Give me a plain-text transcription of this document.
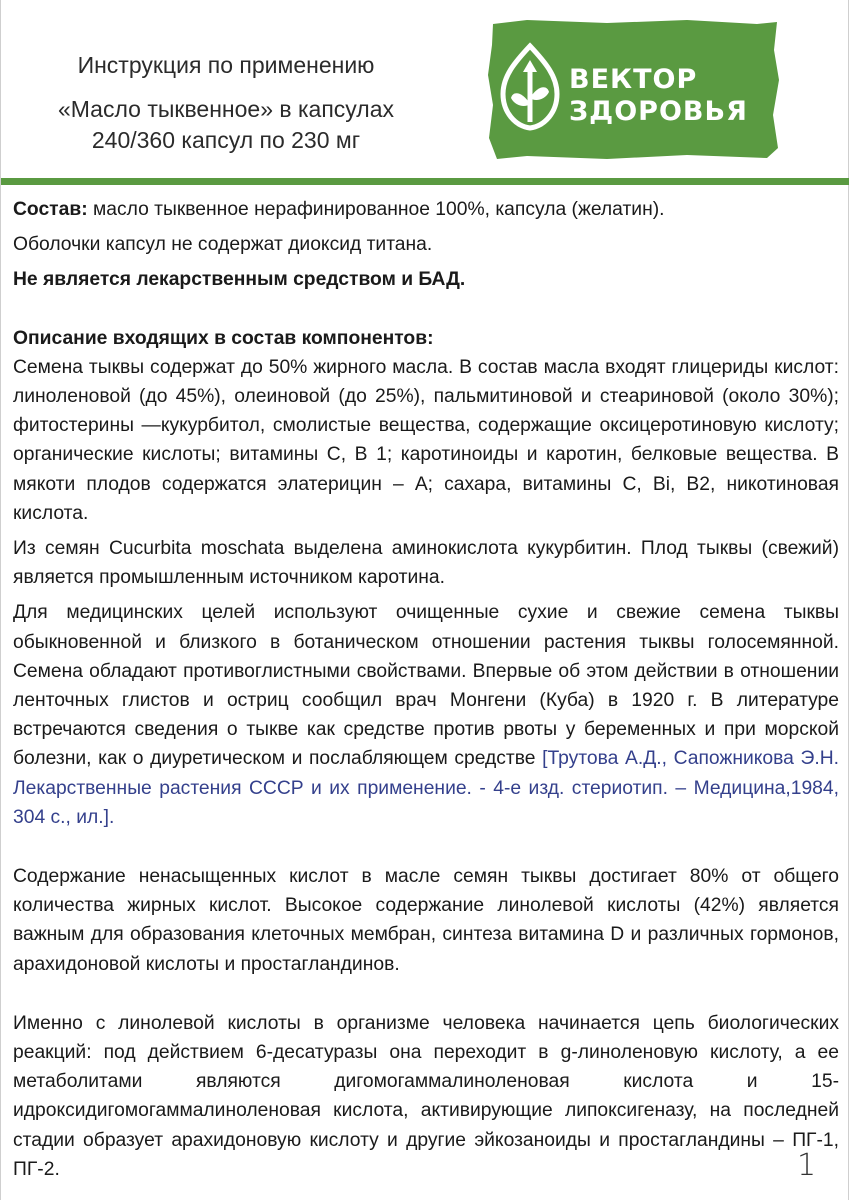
Инструкция по применению
«Масло тыквенное» в капсулах
240/360 капсул по 230 мг
ВЕКТОР
ЗДОРОВЬЯ

Состав: масло тыквенное нерафинированное 100%, капсула (желатин).

Оболочки капсул не содержат диоксид титана.

Не является лекарственным средством и БАД.

Описание входящих в состав компонентов:

Семена тыквы содержат до 50% жирного масла. В состав масла входят глицериды кислот: линоленовой (до 45%), олеиновой (до 25%), пальмитиновой и стеариновой (около 30%); фитостерины —кукурбитол, смолистые вещества, содержащие оксицеротиновую кислоту; органические кислоты; витамины С, В 1; каротиноиды и каротин, белковые вещества. В мякоти плодов содержатся элатерицин – А; сахара, витамины С, Bi, В2, никотиновая кислота.

Из семян Cucurbita moschata выделена аминокислота кукурбитин. Плод тыквы (свежий) является промышленным источником каротина.

Для медицинских целей используют очищенные сухие и свежие семена тыквы обыкновенной и близкого в ботаническом отношении растения тыквы голосемянной. Семена обладают противоглистными свойствами. Впервые об этом действии в отношении ленточных глистов и остриц сообщил врач Монгени (Куба) в 1920 г. В литературе встречаются сведения о тыкве как средстве против рвоты у беременных и при морской болезни, как о диуретическом и послабляющем средстве [Трутова А.Д., Сапожникова Э.Н. Лекарственные растения СССР и их применение. - 4-е изд. стериотип. – Медицина,1984, 304 с., ил.].

Содержание ненасыщенных кислот в масле семян тыквы достигает 80% от общего количества жирных кислот. Высокое содержание линолевой кислоты (42%) является важным для образования клеточных мембран, синтеза витамина D и различных гормонов, арахидоновой кислоты и простагландинов.

Именно с линолевой кислоты в организме человека начинается цепь биологических реакций: под действием 6-десатуразы она переходит в g-линоленовую кислоту, а ее метаболитами являются дигомогаммалиноленовая кислота и 15-идроксидигомогаммалиноленовая кислота, активирующие липоксигеназу, на последней стадии образует арахидоновую кислоту и другие эйкозаноиды и простагландины – ПГ-1, ПГ-2.	1
